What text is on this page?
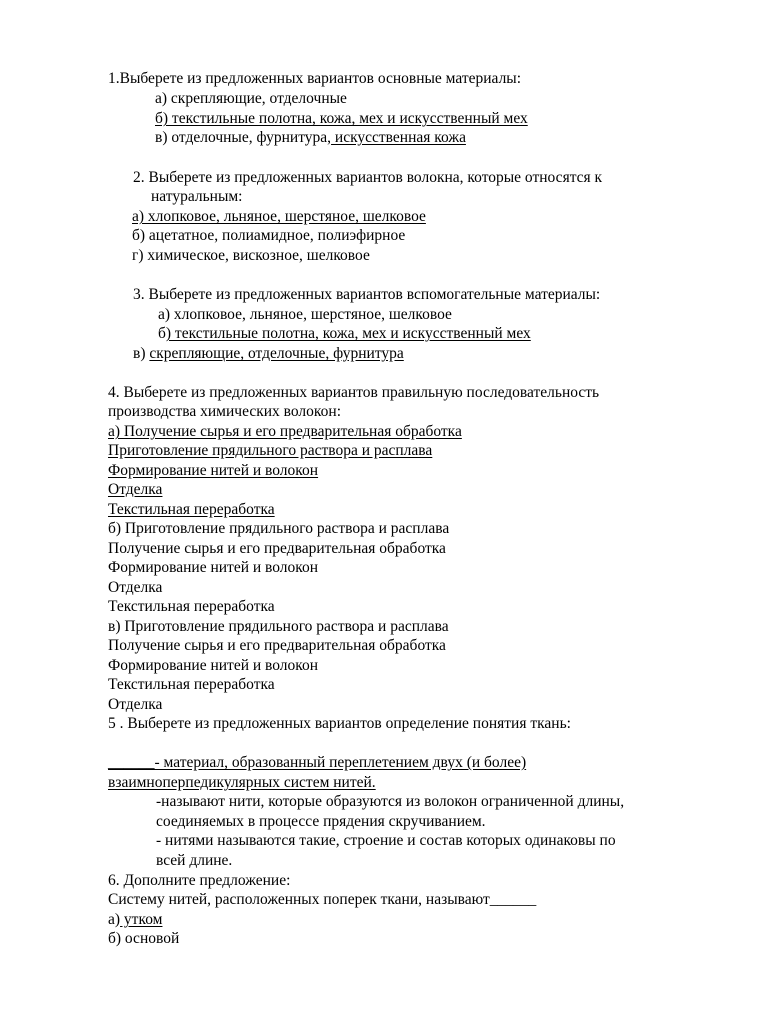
1.Выберете из предложенных вариантов основные материалы:
а) скрепляющие, отделочные
б) текстильные полотна, кожа, мех и искусственный мех
в) отделочные, фурнитура, искусственная кожа
2. Выберете из предложенных вариантов волокна, которые относятся к
натуральным:
а) хлопковое, льняное, шерстяное, шелковое
б) ацетатное, полиамидное, полиэфирное
г) химическое, вискозное, шелковое
3. Выберете из предложенных вариантов вспомогательные материалы:
а) хлопковое, льняное, шерстяное, шелковое
б) текстильные полотна, кожа, мех и искусственный мех
в) скрепляющие, отделочные, фурнитура
4. Выберете из предложенных вариантов правильную последовательность
производства химических волокон:
а) Получение сырья и его предварительная обработка
Приготовление прядильного раствора и расплава
Формирование нитей и волокон
Отделка
Текстильная переработка
б) Приготовление прядильного раствора и расплава
Получение сырья и его предварительная обработка
Формирование нитей и волокон
Отделка
Текстильная переработка
в) Приготовление прядильного раствора и расплава
Получение сырья и его предварительная обработка
Формирование нитей и волокон
Текстильная переработка
Отделка
5 . Выберете из предложенных вариантов определение понятия ткань:
______- материал, образованный переплетением двух (и более)
взаимноперпедикулярных систем нитей.
-называют нити, которые образуются из волокон ограниченной длины,
соединяемых в процессе прядения скручиванием.
- нитями называются такие, строение и состав которых одинаковы по
всей длине.
6. Дополните предложение:
Систему нитей, расположенных поперек ткани, называют______
а) утком
б) основой
